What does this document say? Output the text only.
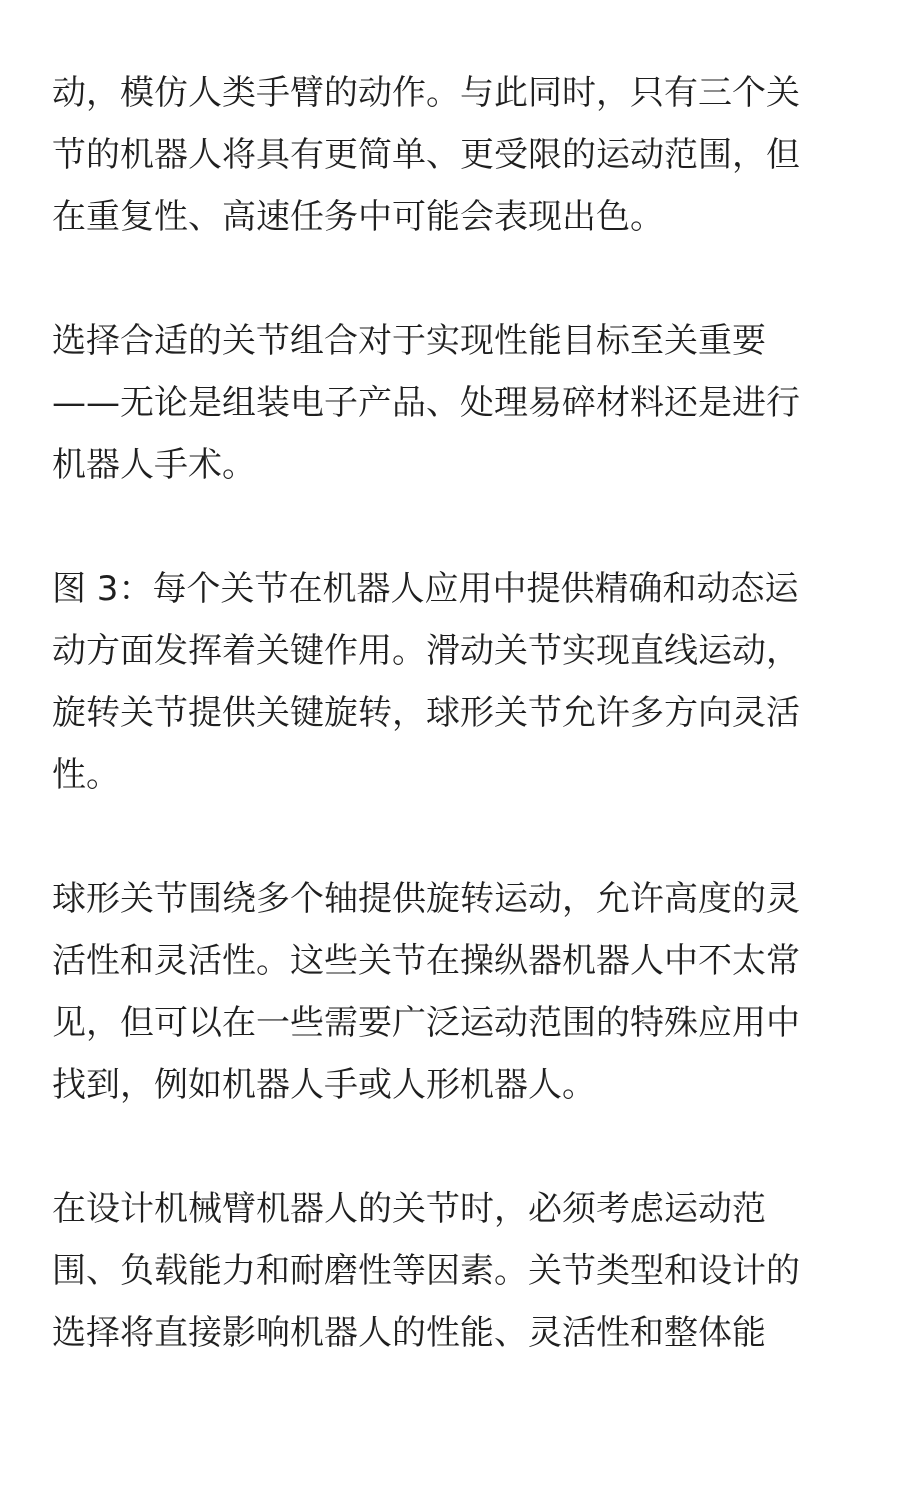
动，模仿人类手臂的动作。与此同时，只有三个关
节的机器人将具有更简单、更受限的运动范围，但
在重复性、高速任务中可能会表现出色。

选择合适的关节组合对于实现性能目标至关重要
——无论是组装电子产品、处理易碎材料还是进行
机器人手术。

图 3：每个关节在机器人应用中提供精确和动态运
动方面发挥着关键作用。滑动关节实现直线运动，
旋转关节提供关键旋转，球形关节允许多方向灵活
性。

球形关节围绕多个轴提供旋转运动，允许高度的灵
活性和灵活性。这些关节在操纵器机器人中不太常
见，但可以在一些需要广泛运动范围的特殊应用中
找到，例如机器人手或人形机器人。

在设计机械臂机器人的关节时，必须考虑运动范
围、负载能力和耐磨性等因素。关节类型和设计的
选择将直接影响机器人的性能、灵活性和整体能
